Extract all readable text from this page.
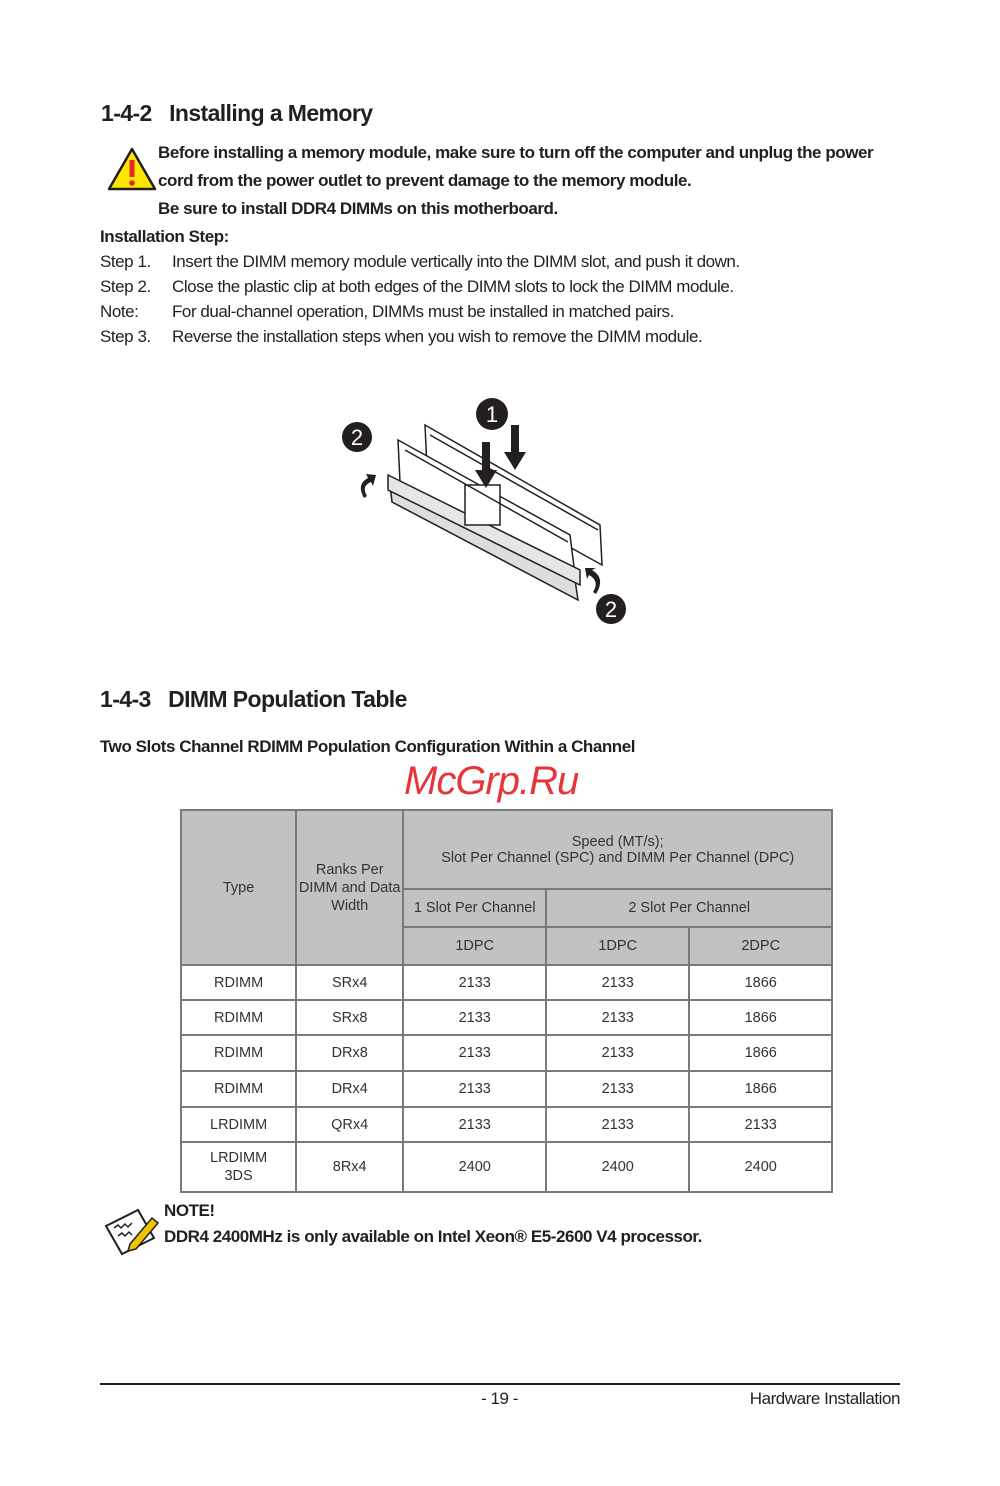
1-4-2 Installing a Memory
Before installing a memory module, make sure to turn off the computer and unplug the power
cord from the power outlet to prevent damage to the memory module.
Be sure to install DDR4 DIMMs on this motherboard.
Installation Step:
Step 1. Insert the DIMM memory module vertically into the DIMM slot, and push it down.
Step 2. Close the plastic clip at both edges of the DIMM slots to lock the DIMM module.
Note: For dual-channel operation, DIMMs must be installed in matched pairs.
Step 3. Reverse the installation steps when you wish to remove the DIMM module.
1
2
2
1-4-3 DIMM Population Table
Two Slots Channel RDIMM Population Configuration Within a Channel
McGrp.Ru
Type	Ranks Per DIMM and Data Width	Speed (MT/s);
Slot Per Channel (SPC) and DIMM Per Channel (DPC)		

		1 Slot Per Channel	2 Slot Per Channel	
		1DPC	1DPC	2DPC
RDIMM	SRx4	2133	2133	1866
RDIMM	SRx8	2133	2133	1866
RDIMM	DRx8	2133	2133	1866
RDIMM	DRx4	2133	2133	1866
LRDIMM	QRx4	2133	2133	2133
LRDIMM 3DS	8Rx4	2400	2400	2400
NOTE!
DDR4 2400MHz is only available on Intel Xeon® E5-2600 V4 processor.
- 19 -	Hardware Installation
